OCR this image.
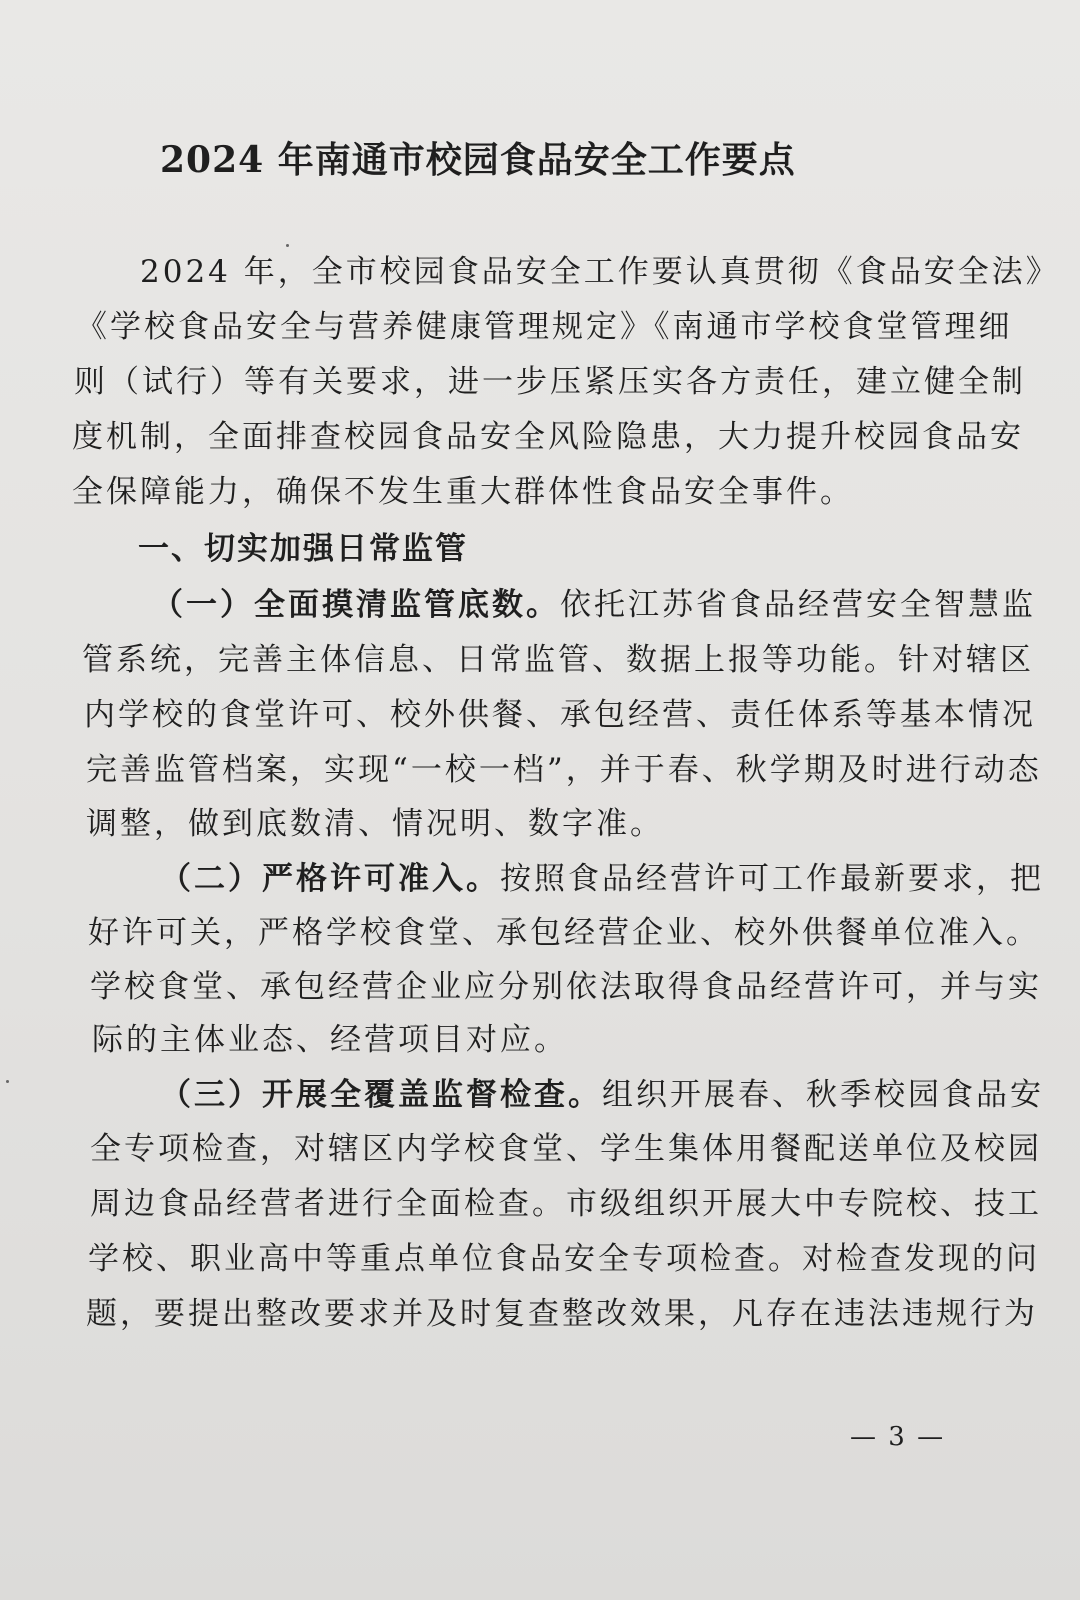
2024 年南通市校园食品安全工作要点
2024 年，全市校园食品安全工作要认真贯彻《食品安全法》
《学校食品安全与营养健康管理规定》《南通市学校食堂管理细
则（试行）等有关要求，进一步压紧压实各方责任，建立健全制
度机制，全面排查校园食品安全风险隐患，大力提升校园食品安
全保障能力，确保不发生重大群体性食品安全事件。
一、切实加强日常监管
（一）全面摸清监管底数。依托江苏省食品经营安全智慧监
管系统，完善主体信息、日常监管、数据上报等功能。针对辖区
内学校的食堂许可、校外供餐、承包经营、责任体系等基本情况
完善监管档案，实现“一校一档”，并于春、秋学期及时进行动态
调整，做到底数清、情况明、数字准。
（二）严格许可准入。按照食品经营许可工作最新要求，把
好许可关，严格学校食堂、承包经营企业、校外供餐单位准入。
学校食堂、承包经营企业应分别依法取得食品经营许可，并与实
际的主体业态、经营项目对应。
（三）开展全覆盖监督检查。组织开展春、秋季校园食品安
全专项检查，对辖区内学校食堂、学生集体用餐配送单位及校园
周边食品经营者进行全面检查。市级组织开展大中专院校、技工
学校、职业高中等重点单位食品安全专项检查。对检查发现的问
题，要提出整改要求并及时复查整改效果，凡存在违法违规行为
— 3 —
